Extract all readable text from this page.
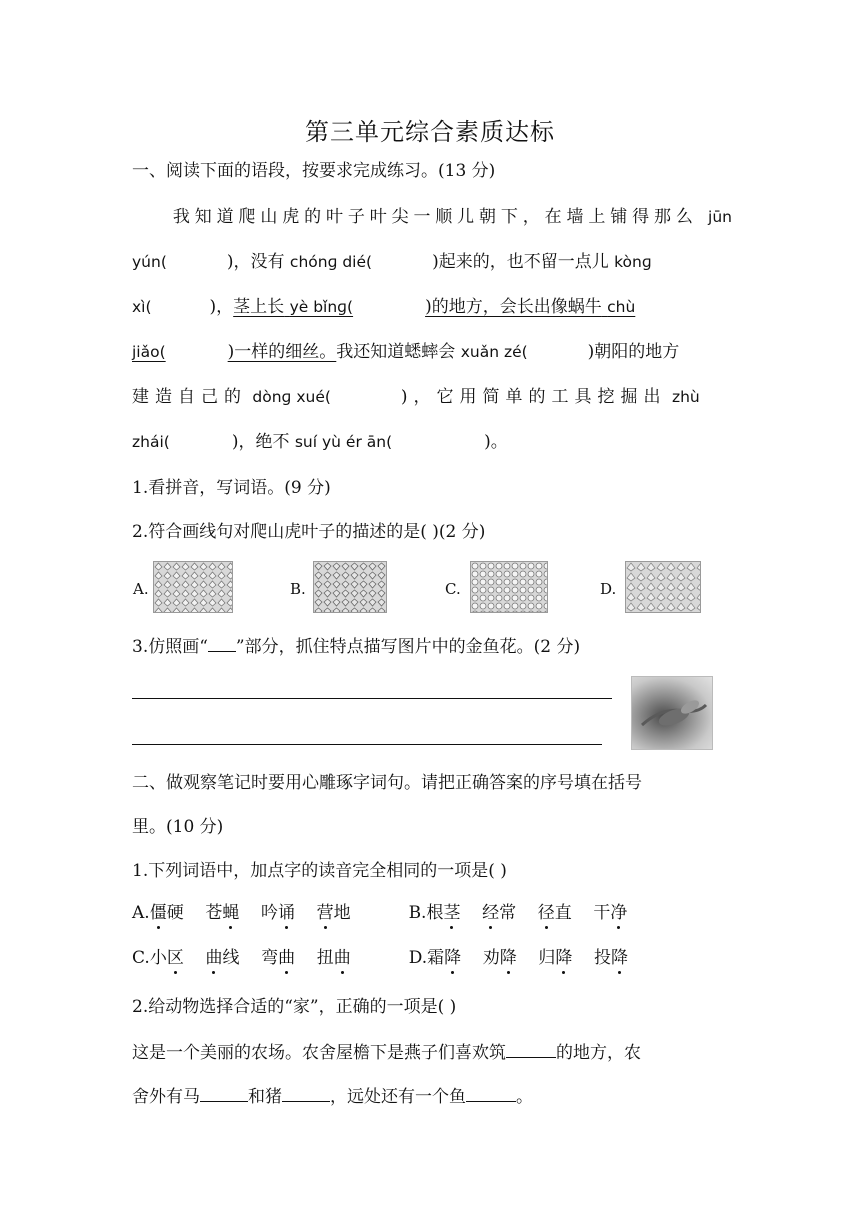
第三单元综合素质达标
一、阅读下面的语段，按要求完成练习。(13 分)
我知道爬山虎的叶子叶尖一顺儿朝下，在墙上铺得那么 jūn
yún(	)，没有 chónɡ dié(	)起来的，也不留一点儿 kònɡ
xì(	)，茎上长 yè bǐnɡ(	)的地方，会长出像蜗牛 chù
jiǎo(	)一样的细丝。我还知道蟋蟀会 xuǎn zé(	)朝阳的地方
建造自己的 dònɡ xué(	)，它用简单的工具挖掘出 zhù
zhái(	)，绝不 suí yù ér ān(	)。
1.看拼音，写词语。(9 分)
2.符合画线句对爬山虎叶子的描述的是( )(2 分)
A.	B.	C.	D.
3.仿照画“ ”部分，抓住特点描写图片中的金鱼花。(2 分)
二、做观察笔记时要用心雕琢字词句。请把正确答案的序号填在括号
里。(10 分)
1.下列词语中，加点字的读音完全相同的一项是( )
A.僵硬 苍蝇 吟诵 营地	B.根茎 经常 径直 干净
C.小区 曲线 弯曲 扭曲	D.霜降 劝降 归降 投降
2.给动物选择合适的“家”，正确的一项是( )
这是一个美丽的农场。农舍屋檐下是燕子们喜欢筑	的地方，农
舍外有马	和猪	，远处还有一个鱼	。
